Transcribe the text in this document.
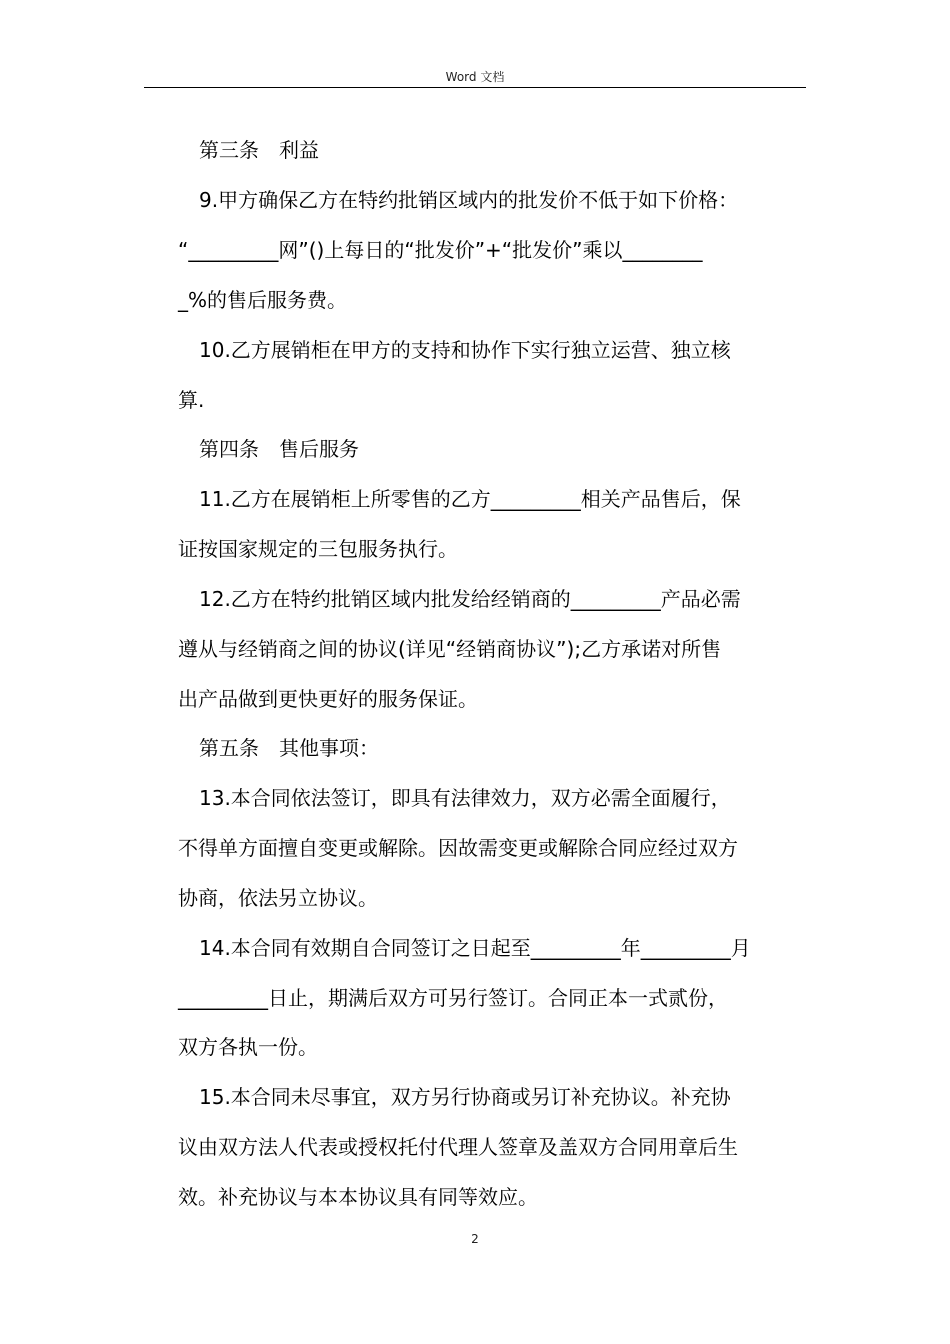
Word 文档
第三条　利益
9.甲方确保乙方在特约批销区域内的批发价不低于如下价格：
“_________网”()上每日的“批发价”+“批发价”乘以________
_%的售后服务费。
10.乙方展销柜在甲方的支持和协作下实行独立运营、独立核
算.
第四条　售后服务
11.乙方在展销柜上所零售的乙方_________相关产品售后，保
证按国家规定的三包服务执行。
12.乙方在特约批销区域内批发给经销商的_________产品必需
遵从与经销商之间的协议(详见“经销商协议”);乙方承诺对所售
出产品做到更快更好的服务保证。
第五条　其他事项：
13.本合同依法签订，即具有法律效力，双方必需全面履行，
不得单方面擅自变更或解除。因故需变更或解除合同应经过双方
协商，依法另立协议。
14.本合同有效期自合同签订之日起至_________年_________月
_________日止，期满后双方可另行签订。合同正本一式贰份，
双方各执一份。
15.本合同未尽事宜，双方另行协商或另订补充协议。补充协
议由双方法人代表或授权托付代理人签章及盖双方合同用章后生
效。补充协议与本本协议具有同等效应。
2
